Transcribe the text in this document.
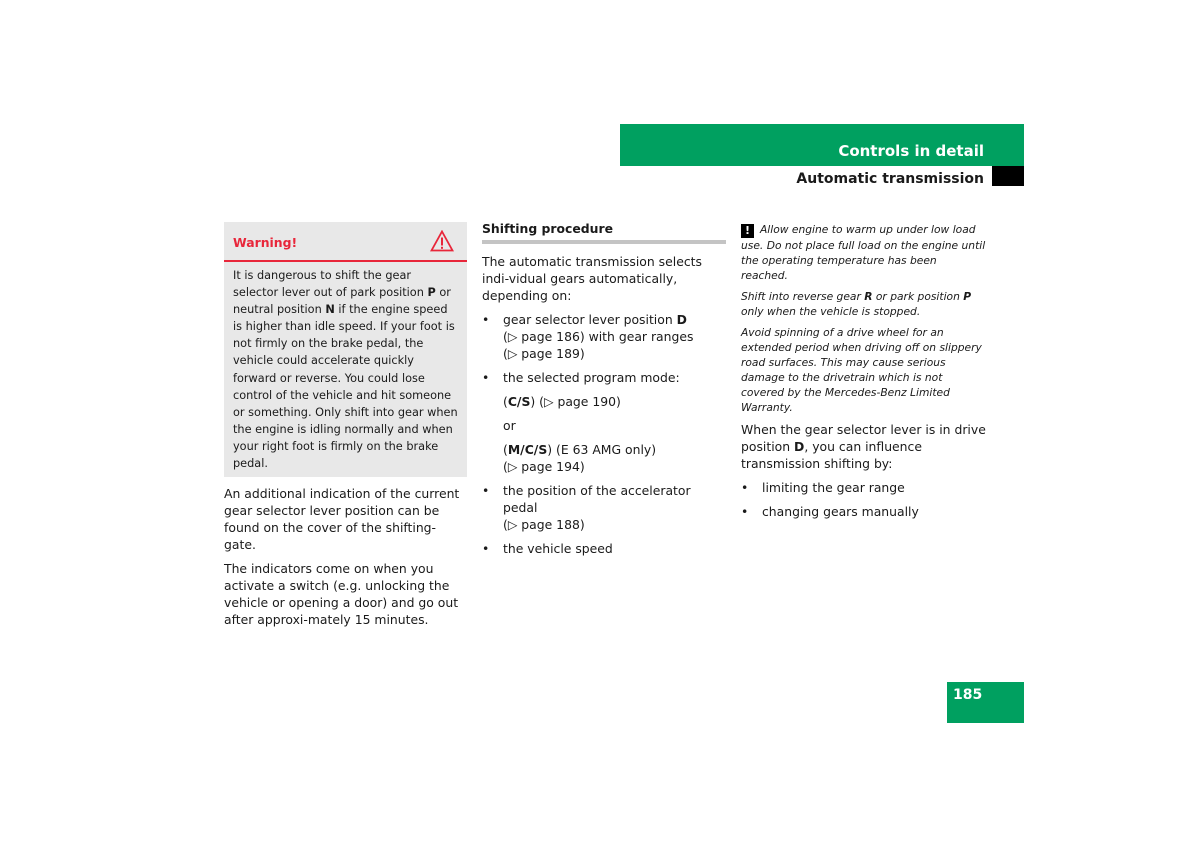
Controls in detail
Automatic transmission
Warning!
It is dangerous to shift the gear selector lever out of park position P or neutral position N if the engine speed is higher than idle speed. If your foot is not firmly on the brake pedal, the vehicle could accelerate quickly forward or reverse. You could lose control of the vehicle and hit someone or something. Only shift into gear when the engine is idling normally and when your right foot is firmly on the brake pedal.

An additional indication of the current gear selector lever position can be found on the cover of the shifting-gate.

The indicators come on when you activate a switch (e.g. unlocking the vehicle or opening a door) and go out after approxi-mately 15 minutes.

Shifting procedure

The automatic transmission selects indi-vidual gears automatically, depending on:

• gear selector lever position D
(▷ page 186) with gear ranges
(▷ page 189)
• the selected program mode:
(C/S) (▷ page 190)
or
(M/C/S) (E 63 AMG only)
(▷ page 194)
• the position of the accelerator pedal
(▷ page 188)
• the vehicle speed

! Allow engine to warm up under low load use. Do not place full load on the engine until the operating temperature has been reached.

Shift into reverse gear R or park position P only when the vehicle is stopped.

Avoid spinning of a drive wheel for an extended period when driving off on slippery road surfaces. This may cause serious damage to the drivetrain which is not covered by the Mercedes-Benz Limited Warranty.

When the gear selector lever is in drive position D, you can influence transmission shifting by:

• limiting the gear range
• changing gears manually
185
